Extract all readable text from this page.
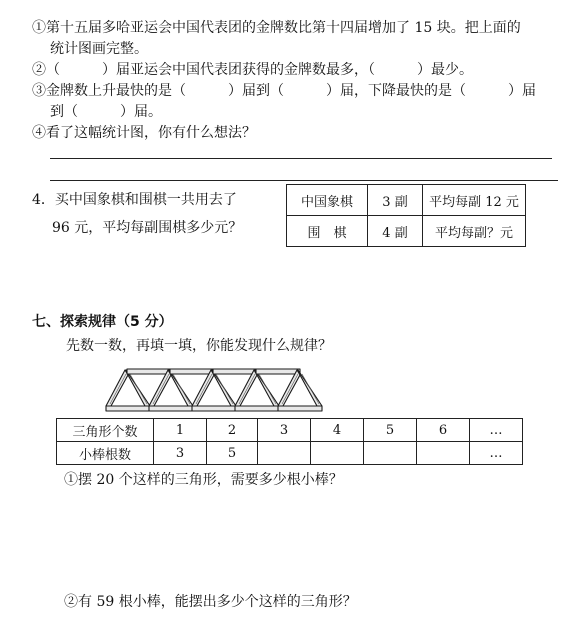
①第十五届多哈亚运会中国代表团的金牌数比第十四届增加了 15 块。把上面的
统计图画完整。
②（　　　）届亚运会中国代表团获得的金牌数最多，（　　　）最少。
③金牌数上升最快的是（　　　）届到（　　　）届，下降最快的是（　　　）届
到（　　　）届。
④看了这幅统计图，你有什么想法？
4．买中国象棋和围棋一共用去了
96 元，平均每副围棋多少元？
中国象棋	3 副	平均每副 12 元
围　棋	4 副	平均每副？元
七、探索规律（5 分）
先数一数，再填一填，你能发现什么规律？
三角形个数	1	2	3	4	5	6	…
小棒根数	3	5					…
①摆 20 个这样的三角形，需要多少根小棒？
②有 59 根小棒，能摆出多少个这样的三角形？
